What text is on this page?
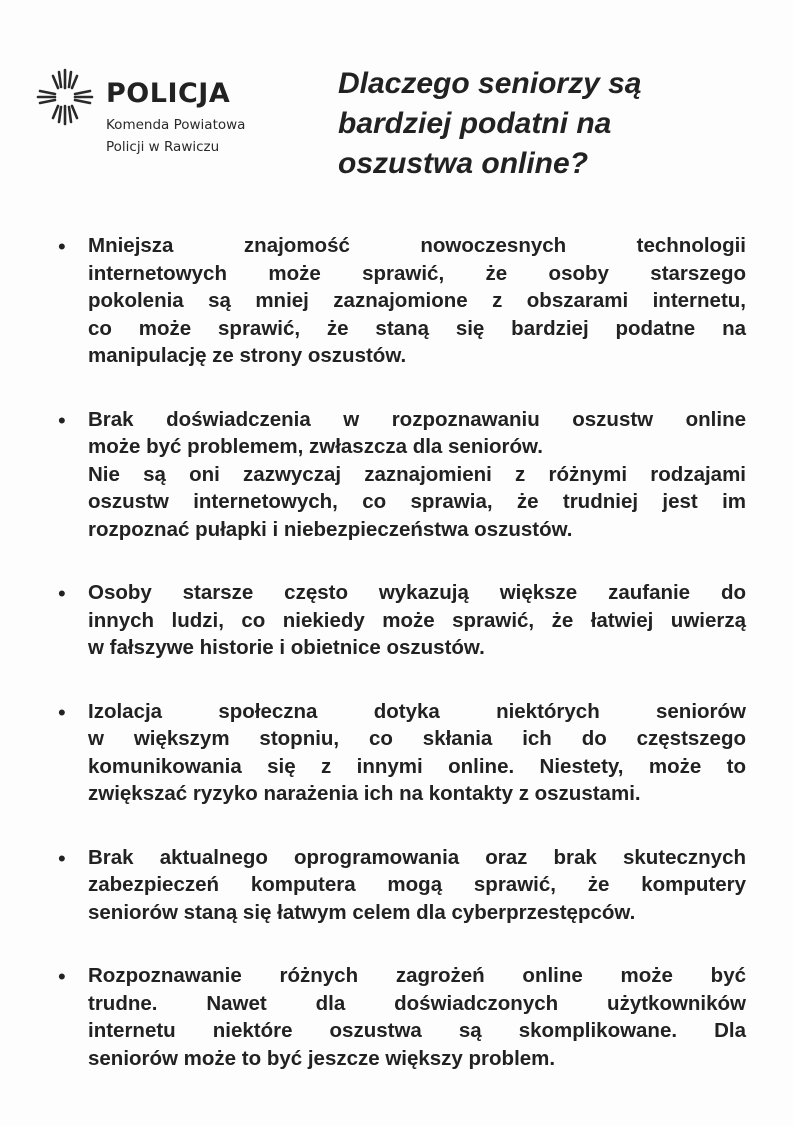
POLICJA
Komenda Powiatowa
Policji w Rawiczu
Dlaczego seniorzy są
bardziej podatni na
oszustwa online?
• Mniejsza znajomość nowoczesnych technologii
internetowych może sprawić, że osoby starszego
pokolenia są mniej zaznajomione z obszarami internetu,
co może sprawić, że staną się bardziej podatne na
manipulację ze strony oszustów.
• Brak doświadczenia w rozpoznawaniu oszustw online
może być problemem, zwłaszcza dla seniorów.
Nie są oni zazwyczaj zaznajomieni z różnymi rodzajami
oszustw internetowych, co sprawia, że trudniej jest im
rozpoznać pułapki i niebezpieczeństwa oszustów.
• Osoby starsze często wykazują większe zaufanie do
innych ludzi, co niekiedy może sprawić, że łatwiej uwierzą
w fałszywe historie i obietnice oszustów.
• Izolacja społeczna dotyka niektórych seniorów
w większym stopniu, co skłania ich do częstszego
komunikowania się z innymi online. Niestety, może to
zwiększać ryzyko narażenia ich na kontakty z oszustami.
• Brak aktualnego oprogramowania oraz brak skutecznych
zabezpieczeń komputera mogą sprawić, że komputery
seniorów staną się łatwym celem dla cyberprzestępców.
• Rozpoznawanie różnych zagrożeń online może być
trudne. Nawet dla doświadczonych użytkowników
internetu niektóre oszustwa są skomplikowane. Dla
seniorów może to być jeszcze większy problem.
